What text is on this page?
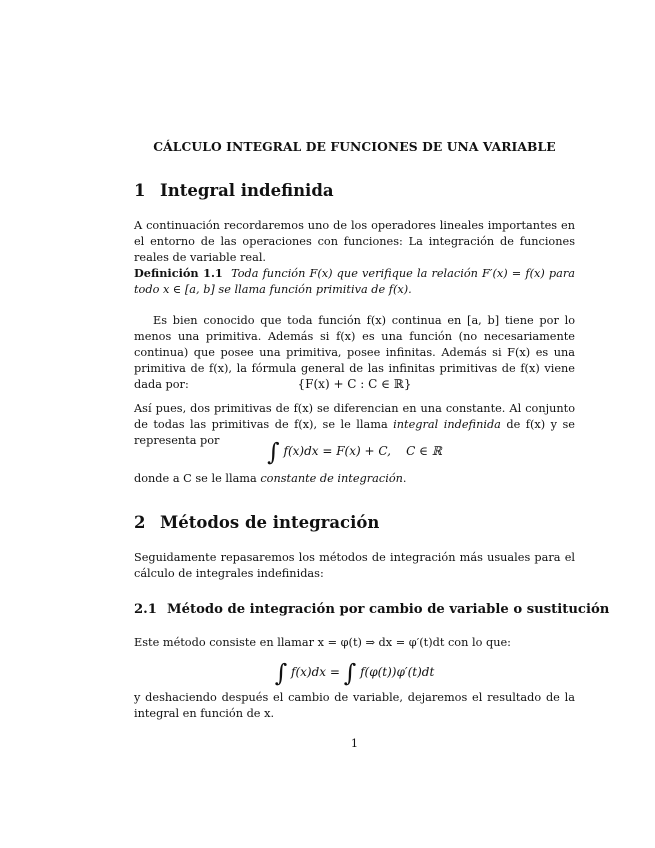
CÁLCULO INTEGRAL DE FUNCIONES DE UNA VARIABLE
1 Integral indefinida

A continuación recordaremos uno de los operadores lineales importantes en el entorno de las operaciones con funciones: La integración de funciones reales de variable real.

Definición 1.1 Toda función F(x) que verifique la relación F′(x) = f(x) para todo x ∈ [a, b] se llama función primitiva de f(x).

Es bien conocido que toda función f(x) continua en [a, b] tiene por lo menos una primitiva. Además si f(x) es una función (no necesariamente continua) que posee una primitiva, posee infinitas. Además si F(x) es una primitiva de f(x), la fórmula general de las infinitas primitivas de f(x) viene dada por:	{F(x) + C : C ∈ ℝ}

Así pues, dos primitivas de f(x) se diferencian en una constante. Al conjunto de todas las primitivas de f(x), se le llama integral indefinida de f(x) y se representa por	∫ f(x)dx = F(x) + C,    C ∈ ℝ

donde a C se le llama constante de integración.

2 Métodos de integración

Seguidamente repasaremos los métodos de integración más usuales para el cálculo de integrales indefinidas:

2.1 Método de integración por cambio de variable o sustitución

Este método consiste en llamar x = φ(t) ⇒ dx = φ′(t)dt con lo que:

∫ f(x)dx = ∫ f(φ(t))φ′(t)dt

y deshaciendo después el cambio de variable, dejaremos el resultado de la integral en función de x.

1
